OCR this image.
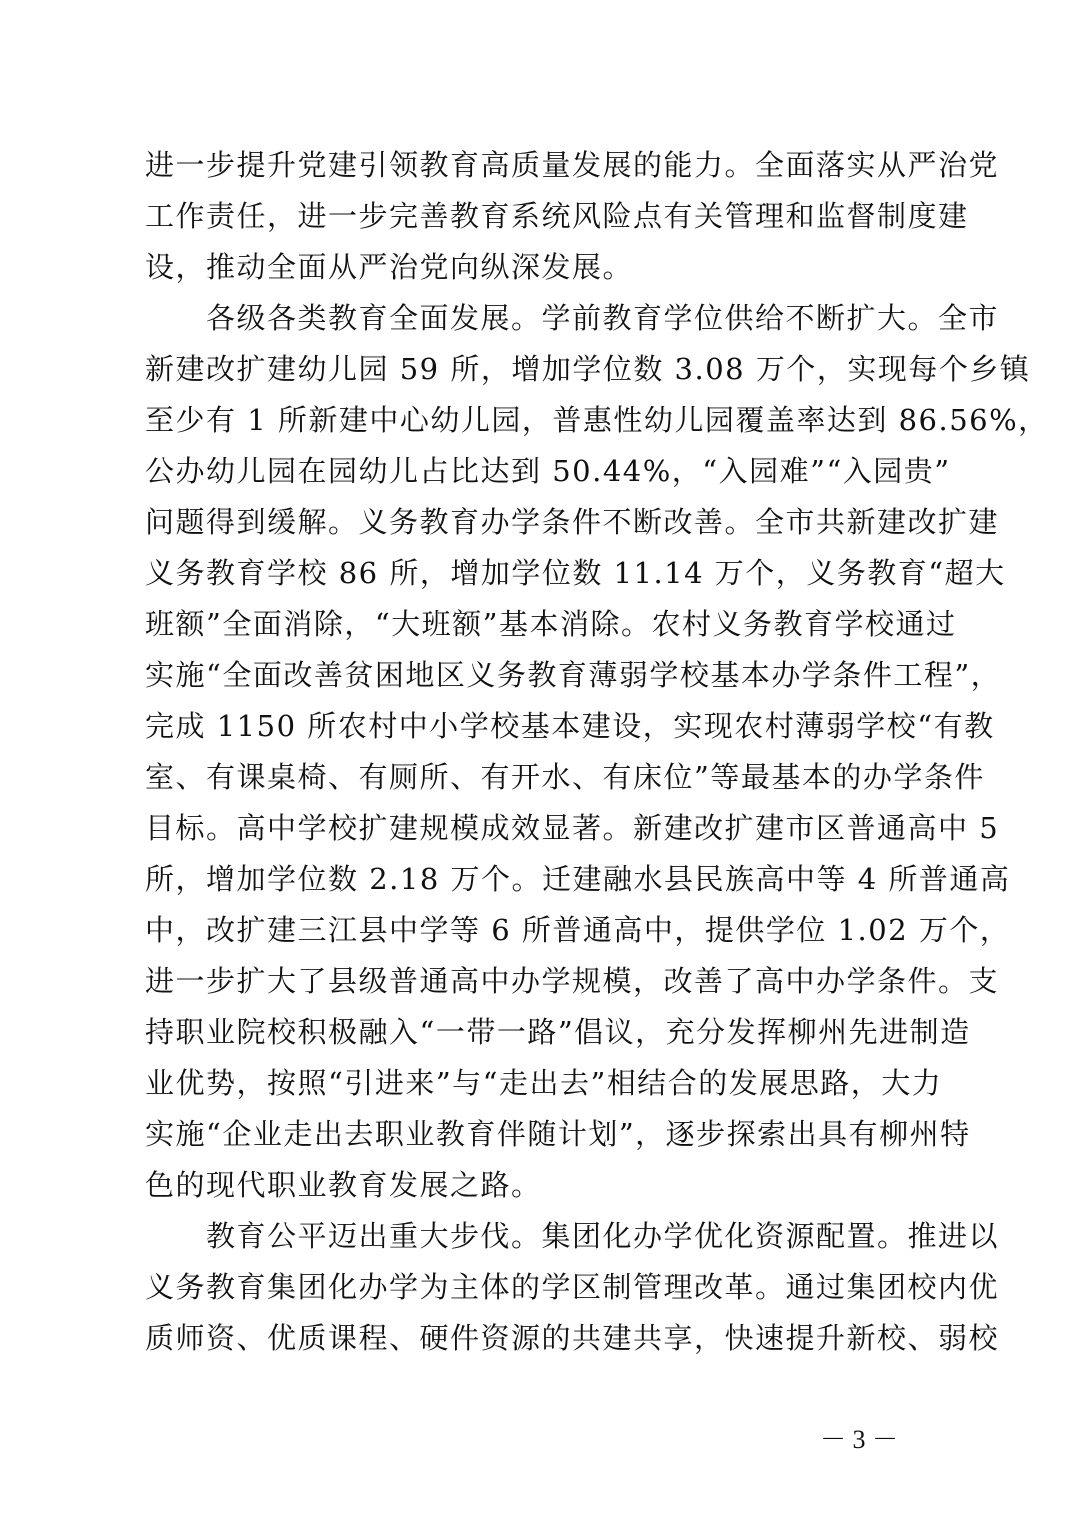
进一步提升党建引领教育高质量发展的能力。全面落实从严治党
工作责任，进一步完善教育系统风险点有关管理和监督制度建
设，推动全面从严治党向纵深发展。
　　各级各类教育全面发展。学前教育学位供给不断扩大。全市
新建改扩建幼儿园 59 所，增加学位数 3.08 万个，实现每个乡镇
至少有 1 所新建中心幼儿园，普惠性幼儿园覆盖率达到 86.56%，
公办幼儿园在园幼儿占比达到 50.44%，“入园难”“入园贵”
问题得到缓解。义务教育办学条件不断改善。全市共新建改扩建
义务教育学校 86 所，增加学位数 11.14 万个，义务教育“超大
班额”全面消除，“大班额”基本消除。农村义务教育学校通过
实施“全面改善贫困地区义务教育薄弱学校基本办学条件工程”，
完成 1150 所农村中小学校基本建设，实现农村薄弱学校“有教
室、有课桌椅、有厕所、有开水、有床位”等最基本的办学条件
目标。高中学校扩建规模成效显著。新建改扩建市区普通高中 5
所，增加学位数 2.18 万个。迁建融水县民族高中等 4 所普通高
中，改扩建三江县中学等 6 所普通高中，提供学位 1.02 万个，
进一步扩大了县级普通高中办学规模，改善了高中办学条件。支
持职业院校积极融入“一带一路”倡议，充分发挥柳州先进制造
业优势，按照“引进来”与“走出去”相结合的发展思路，大力
实施“企业走出去职业教育伴随计划”，逐步探索出具有柳州特
色的现代职业教育发展之路。
　　教育公平迈出重大步伐。集团化办学优化资源配置。推进以
义务教育集团化办学为主体的学区制管理改革。通过集团校内优
质师资、优质课程、硬件资源的共建共享，快速提升新校、弱校
－ 3 －
